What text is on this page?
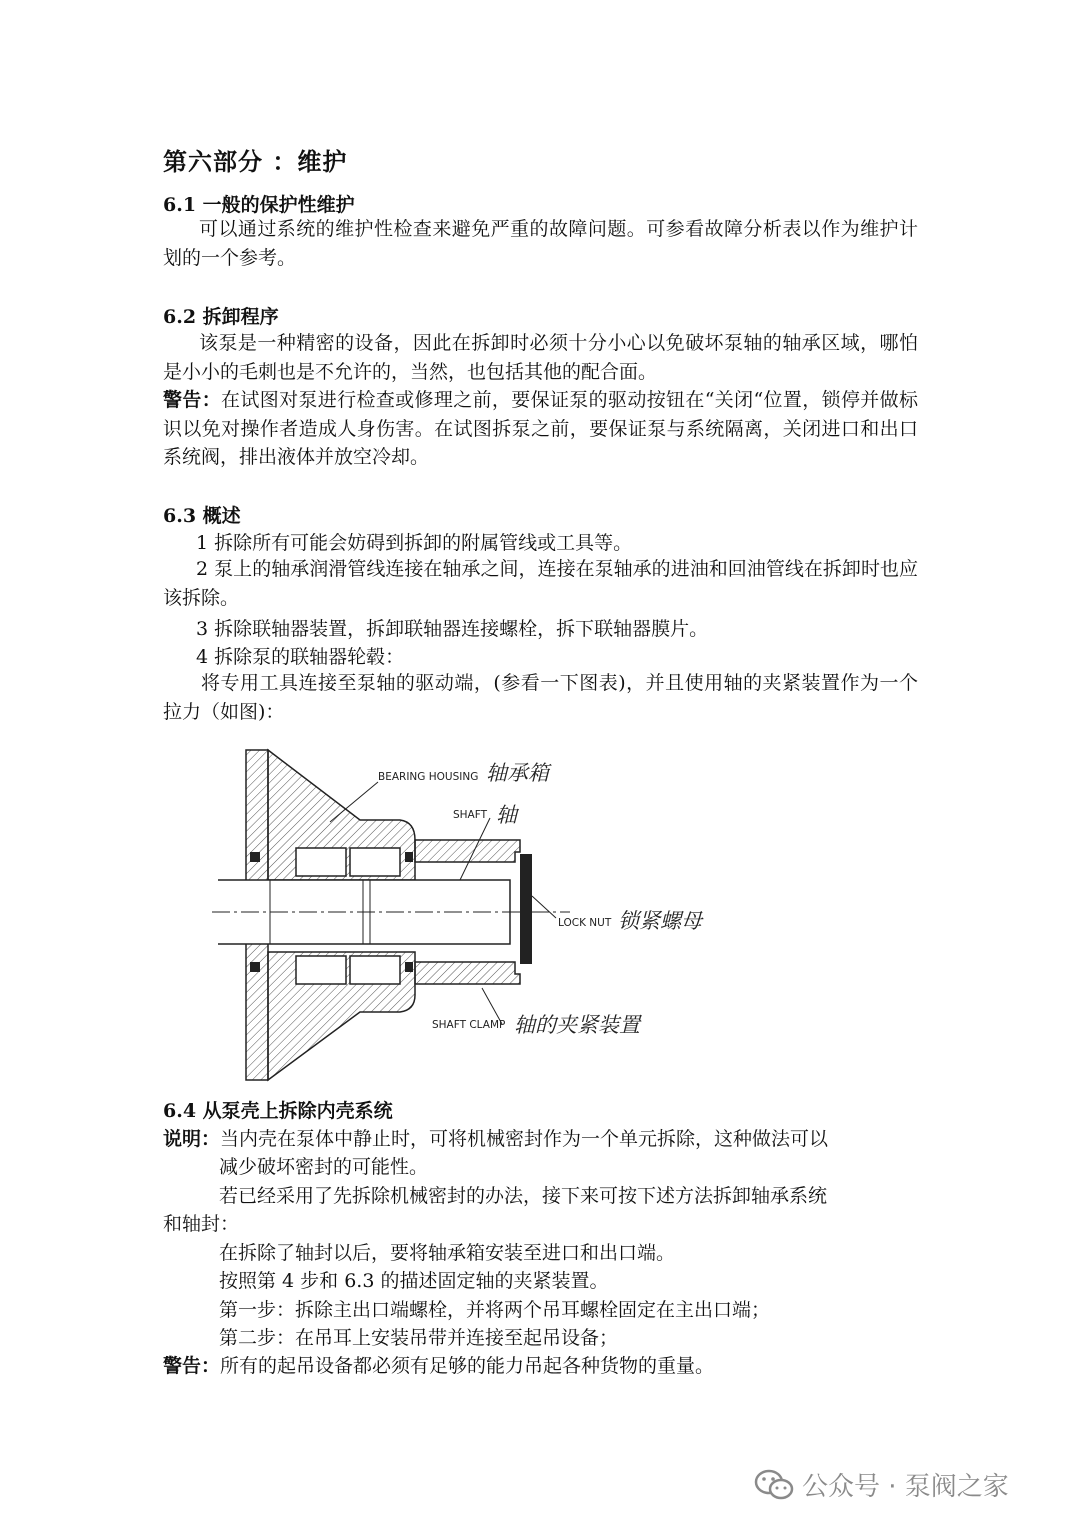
第六部分 ：维护
6.1 一般的保护性维护
可以通过系统的维护性检查来避免严重的故障问题。可参看故障分析表以作为维护计划的一个参考。
6.2 拆卸程序
该泵是一种精密的设备，因此在拆卸时必须十分小心以免破坏泵轴的轴承区域，哪怕是小小的毛刺也是不允许的，当然，也包括其他的配合面。
警告：在试图对泵进行检查或修理之前，要保证泵的驱动按钮在“关闭“位置，锁停并做标识以免对操作者造成人身伤害。在试图拆泵之前，要保证泵与系统隔离，关闭进口和出口系统阀，排出液体并放空冷却。
6.3 概述
1 拆除所有可能会妨碍到拆卸的附属管线或工具等。
2 泵上的轴承润滑管线连接在轴承之间，连接在泵轴承的进油和回油管线在拆卸时也应该拆除。
3 拆除联轴器装置，拆卸联轴器连接螺栓，拆下联轴器膜片。
4 拆除泵的联轴器轮毂：
将专用工具连接至泵轴的驱动端，(参看一下图表)，并且使用轴的夹紧装置作为一个拉力（如图)：
BEARING HOUSING 轴承箱
SHAFT 轴
LOCK NUT 锁紧螺母
SHAFT CLAMP 轴的夹紧装置
6.4 从泵壳上拆除内壳系统
说明：当内壳在泵体中静止时，可将机械密封作为一个单元拆除，这种做法可以
减少破坏密封的可能性。
若已经采用了先拆除机械密封的办法，接下来可按下述方法拆卸轴承系统
和轴封：
在拆除了轴封以后，要将轴承箱安装至进口和出口端。
按照第 4 步和 6.3 的描述固定轴的夹紧装置。
第一步：拆除主出口端螺栓，并将两个吊耳螺栓固定在主出口端；
第二步：在吊耳上安装吊带并连接至起吊设备；
警告：所有的起吊设备都必须有足够的能力吊起各种货物的重量。
公众号 · 泵阀之家
